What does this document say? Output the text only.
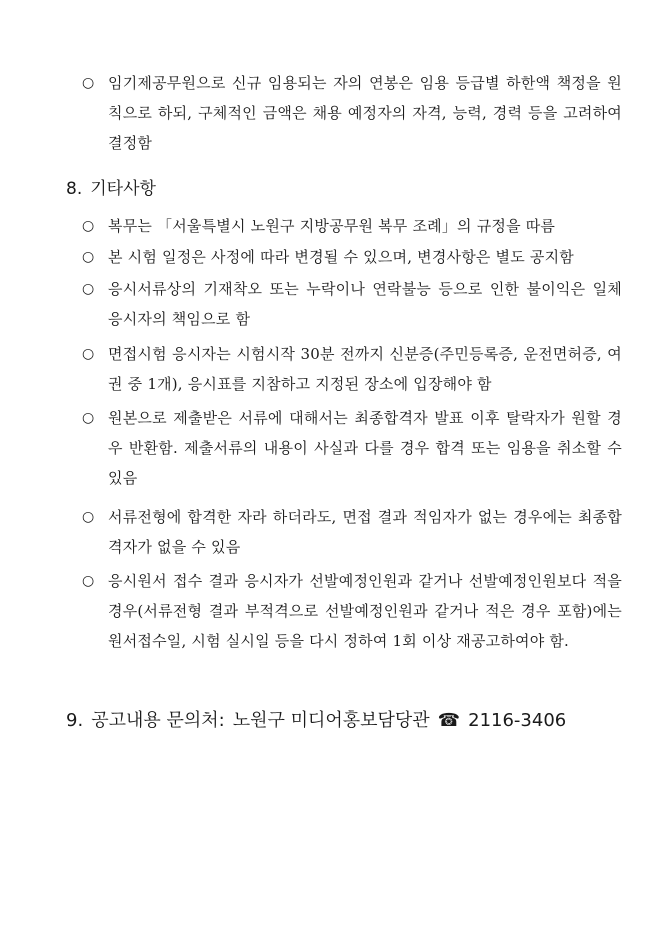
○ 임기제공무원으로 신규 임용되는 자의 연봉은 임용 등급별 하한액 책정을 원칙으로 하되, 구체적인 금액은 채용 예정자의 자격, 능력, 경력 등을 고려하여 결정함
8. 기타사항
○ 복무는 「서울특별시 노원구 지방공무원 복무 조례」의 규정을 따름
○ 본 시험 일정은 사정에 따라 변경될 수 있으며, 변경사항은 별도 공지함
○ 응시서류상의 기재착오 또는 누락이나 연락불능 등으로 인한 불이익은 일체 응시자의 책임으로 함
○ 면접시험 응시자는 시험시작 30분 전까지 신분증(주민등록증, 운전면허증, 여권 중 1개), 응시표를 지참하고 지정된 장소에 입장해야 함
○ 원본으로 제출받은 서류에 대해서는 최종합격자 발표 이후 탈락자가 원할 경우 반환함. 제출서류의 내용이 사실과 다를 경우 합격 또는 임용을 취소할 수 있음
○ 서류전형에 합격한 자라 하더라도, 면접 결과 적임자가 없는 경우에는 최종합격자가 없을 수 있음
○ 응시원서 접수 결과 응시자가 선발예정인원과 같거나 선발예정인원보다 적을 경우(서류전형 결과 부적격으로 선발예정인원과 같거나 적은 경우 포함)에는 원서접수일, 시험 실시일 등을 다시 정하여 1회 이상 재공고하여야 함.
9. 공고내용 문의처: 노원구 미디어홍보담당관 ☎ 2116-3406
